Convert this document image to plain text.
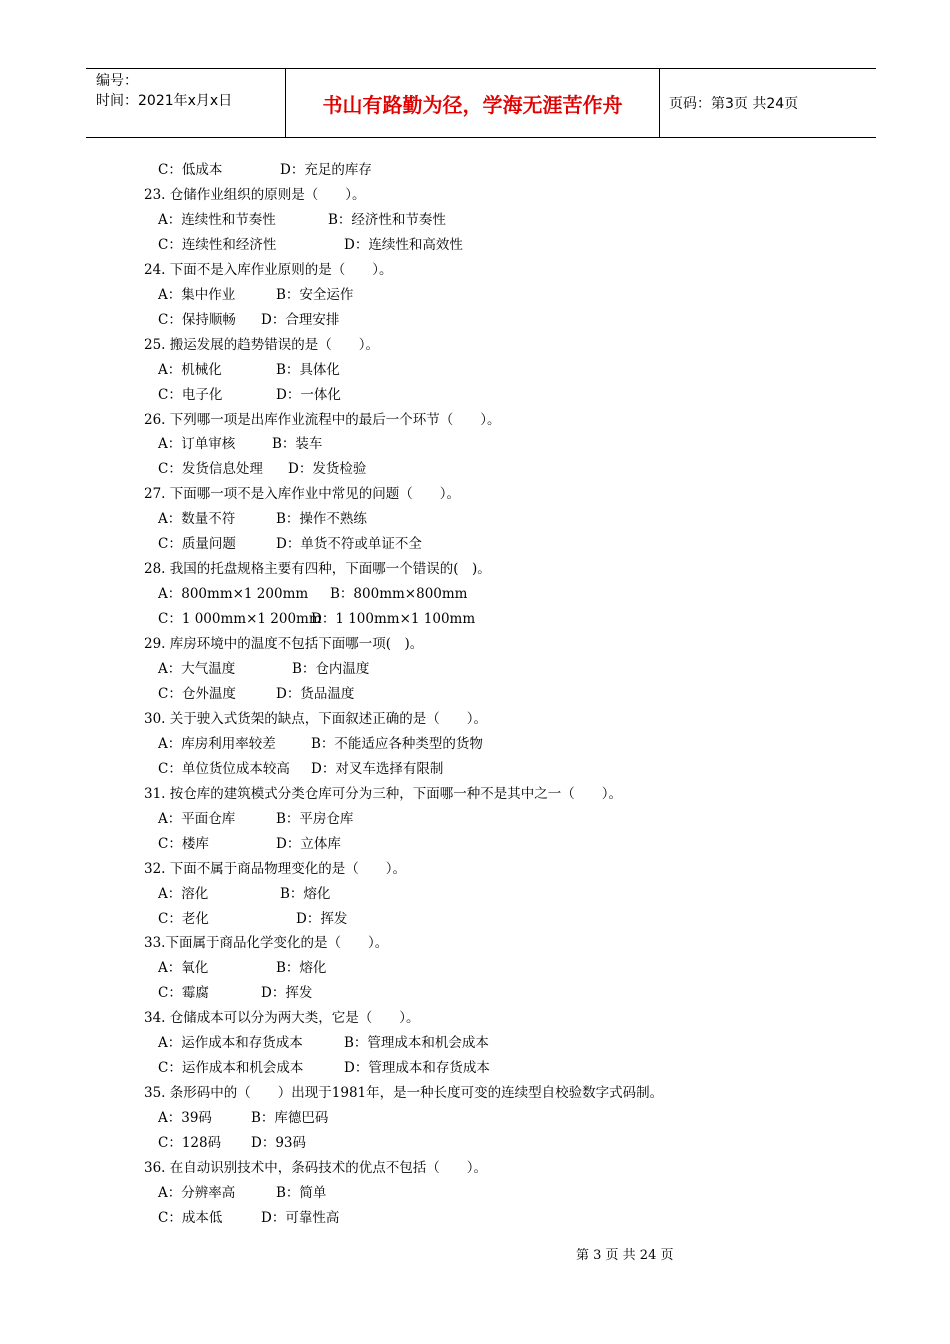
编号：
时间：2021年x月x日	书山有路勤为径，学海无涯苦作舟	页码：第3页 共24页
C：低成本	D：充足的库存
23. 仓储作业组织的原则是（　　）。
A：连续性和节奏性	B：经济性和节奏性
C：连续性和经济性	D：连续性和高效性
24. 下面不是入库作业原则的是（　　）。
A：集中作业	B：安全运作
C：保持顺畅 D：合理安排
25. 搬运发展的趋势错误的是（　　）。
A：机械化	B：具体化
C：电子化	D：一体化
26. 下列哪一项是出库作业流程中的最后一个环节（　　）。
A：订单审核	B：装车
C：发货信息处理 D：发货检验
27. 下面哪一项不是入库作业中常见的问题（　　）。
A：数量不符	B：操作不熟练
C：质量问题	D：单货不符或单证不全
28. 我国的托盘规格主要有四种，下面哪一个错误的(　)。
A：800mm×1 200mm B：800mm×800mm
C：1 000mm×1 200mm
D：1 100mm×1 100mm
29. 库房环境中的温度不包括下面哪一项(　)。
A：大气温度	B：仓内温度
C：仓外温度	D：货品温度
30. 关于驶入式货架的缺点，下面叙述正确的是（　　）。
A：库房利用率较差	B：不能适应各种类型的货物
C：单位货位成本较高 D：对叉车选择有限制
31. 按仓库的建筑模式分类仓库可分为三种，下面哪一种不是其中之一（　　）。
A：平面仓库	B：平房仓库
C：楼库	D：立体库
32. 下面不属于商品物理变化的是（　　）。
A：溶化	B：熔化
C：老化	D：挥发
33.下面属于商品化学变化的是（　　）。
A：氧化	B：熔化
C：霉腐	D：挥发
34. 仓储成本可以分为两大类，它是（　　）。
A：运作成本和存货成本	B：管理成本和机会成本
C：运作成本和机会成本	D：管理成本和存货成本
35. 条形码中的（　　）出现于1981年，是一种长度可变的连续型自校验数字式码制。
A：39码	B：库德巴码
C：128码 D：93码
36. 在自动识别技术中，条码技术的优点不包括（　　）。
A：分辨率高	B：简单
C：成本低	D：可靠性高
第 3 页 共 24 页
